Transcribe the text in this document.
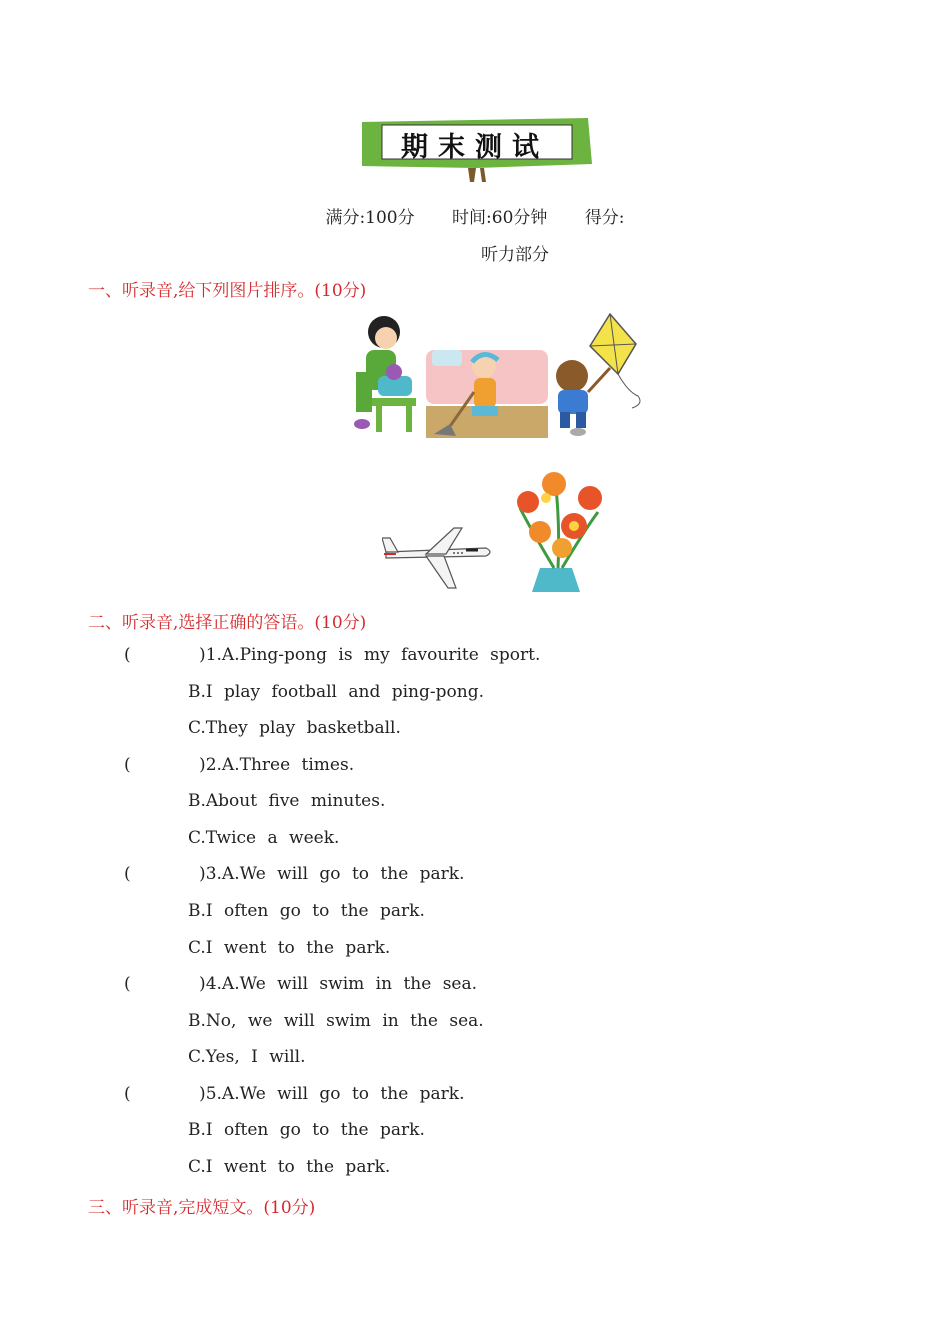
期末测试
满分:100分 时间:60分钟 得分:
听力部分
一、听录音,给下列图片排序。(10分)
二、听录音,选择正确的答语。(10分)
(      )1.A.Ping-pong is my favourite sport.
B.I play football and ping-pong.
C.They play basketball.
(      )2.A.Three times.
B.About five minutes.
C.Twice a week.
(      )3.A.We will go to the park.
B.I often go to the park.
C.I went to the park.
(      )4.A.We will swim in the sea.
B.No, we will swim in the sea.
C.Yes, I will.
(      )5.A.We will go to the park.
B.I often go to the park.
C.I went to the park.
三、听录音,完成短文。(10分)
